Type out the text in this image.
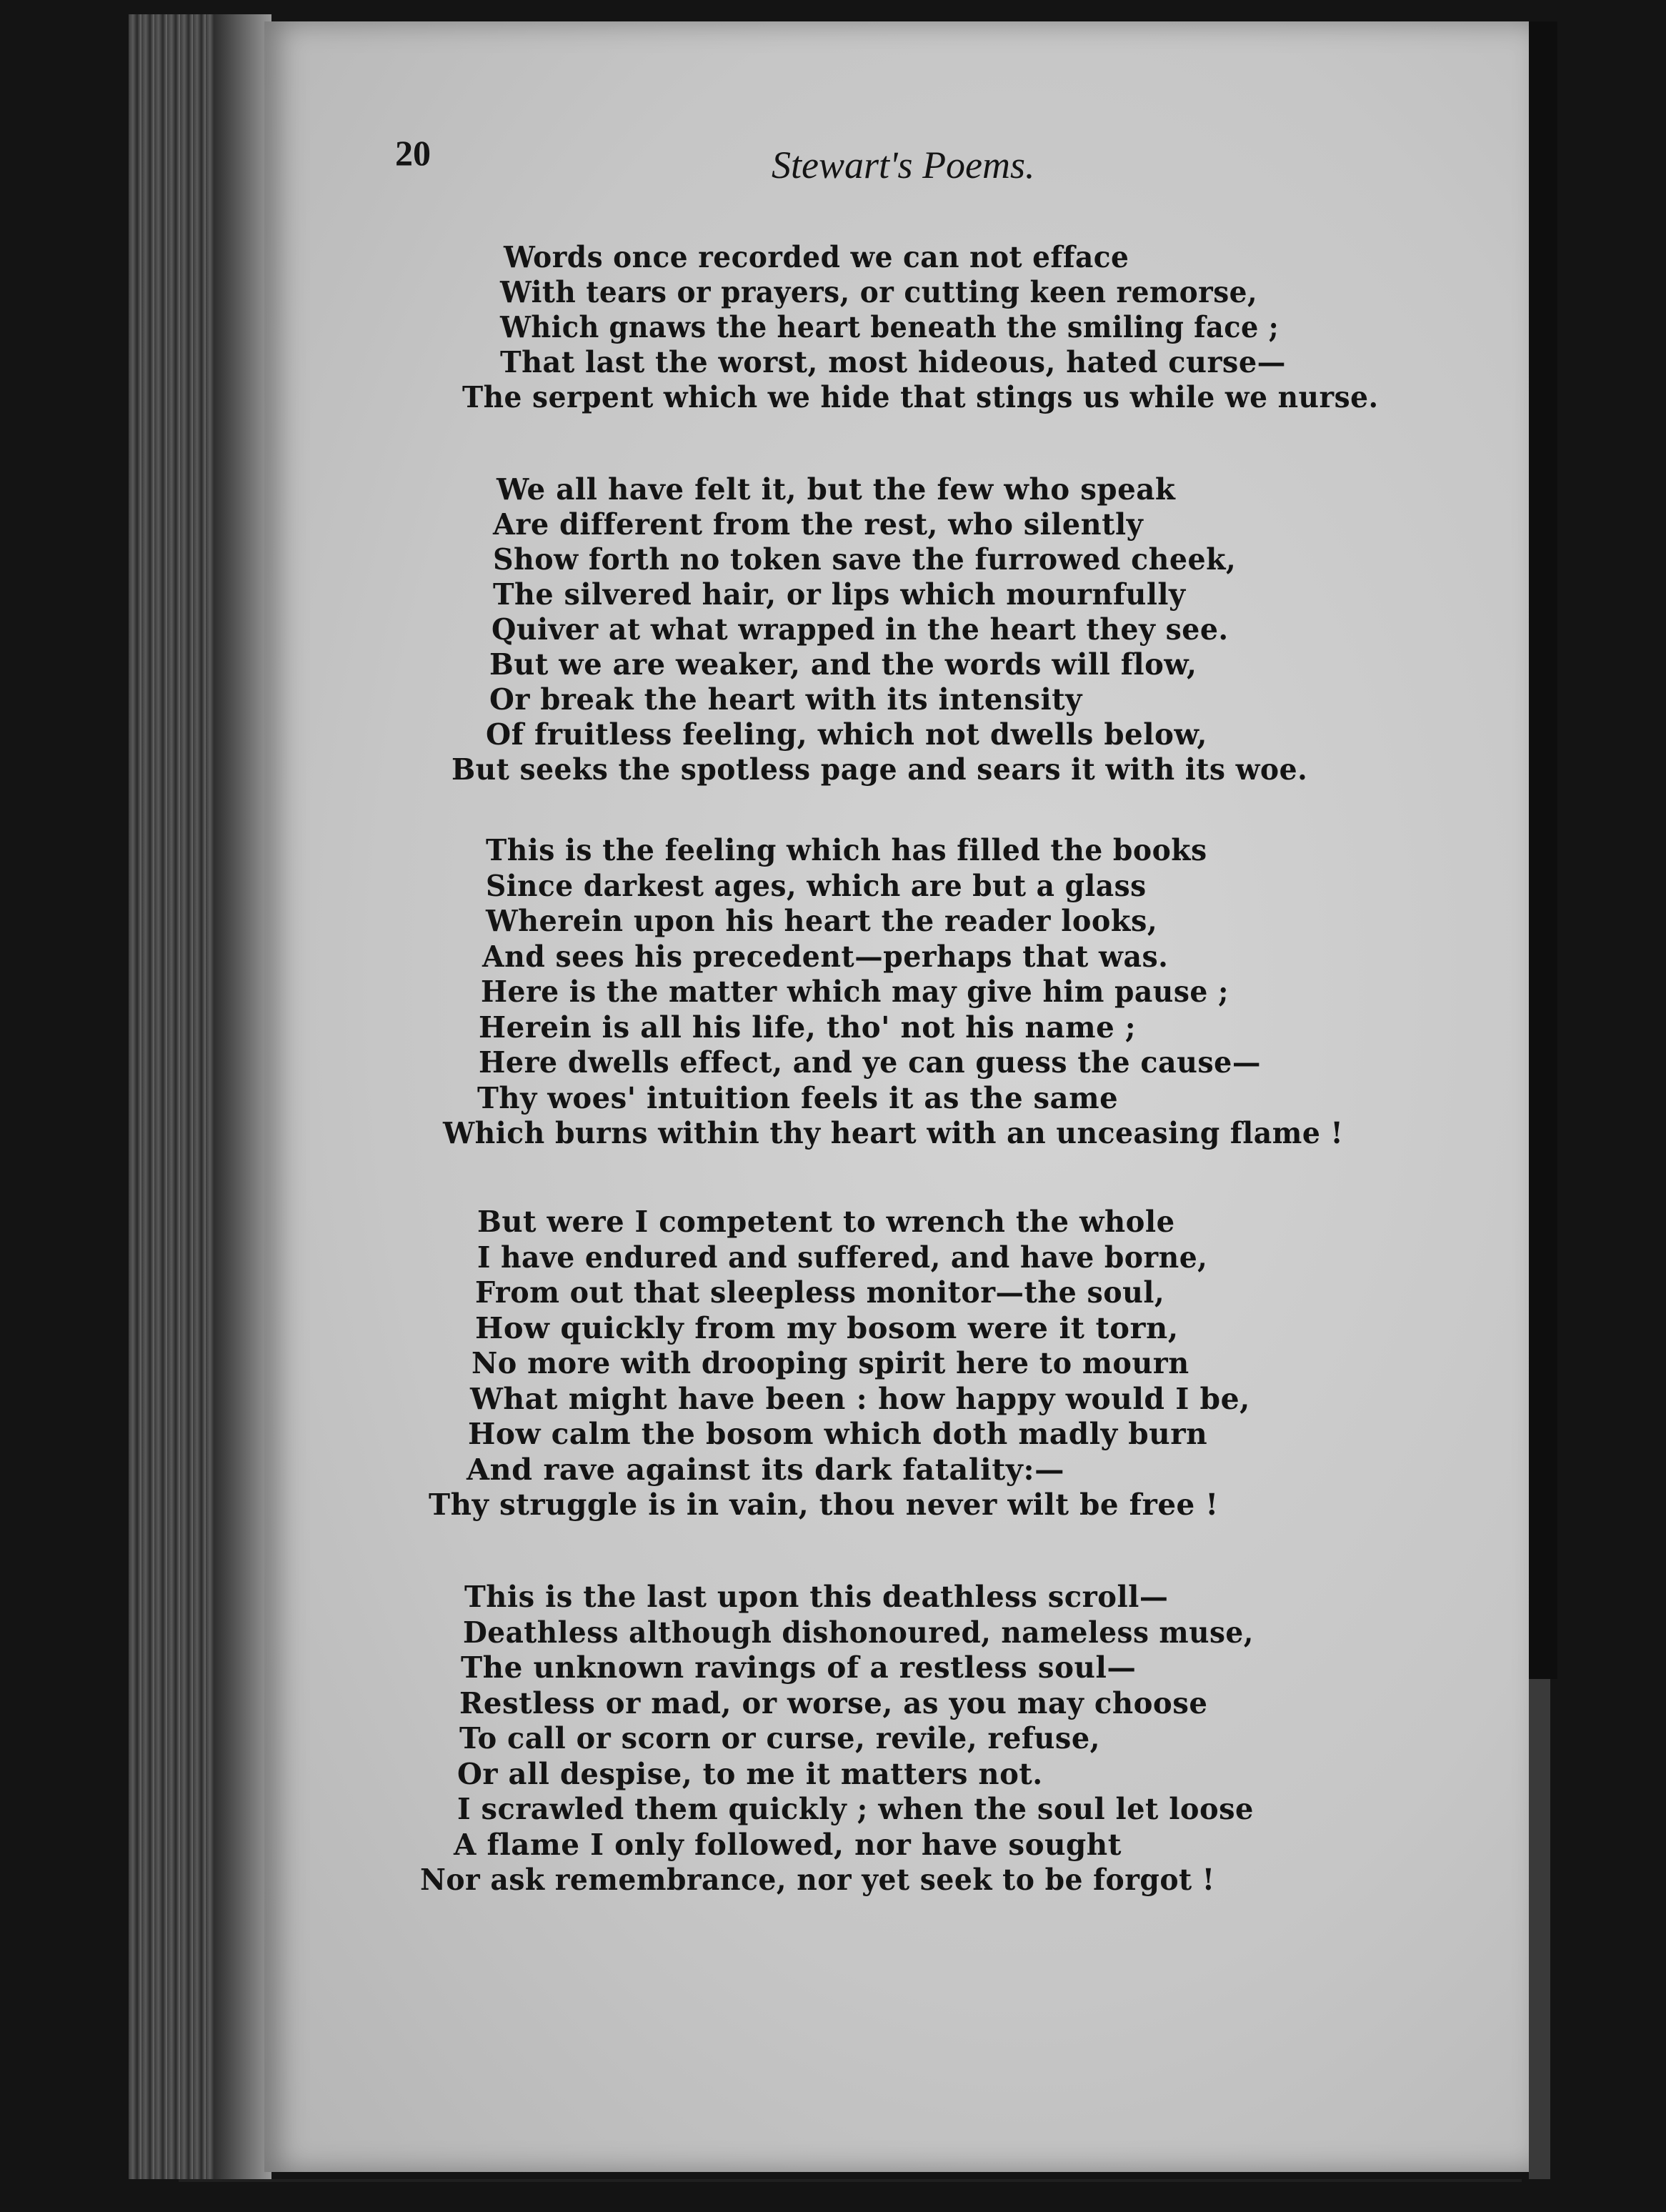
20	Stewart's Poems.

Words once recorded we can not efface
With tears or prayers, or cutting keen remorse,
Which gnaws the heart beneath the smiling face ;
That last the worst, most hideous, hated curse—
The serpent which we hide that stings us while we nurse.
We all have felt it, but the few who speak
Are different from the rest, who silently
Show forth no token save the furrowed cheek,
The silvered hair, or lips which mournfully
Quiver at what wrapped in the heart they see.
But we are weaker, and the words will flow,
Or break the heart with its intensity
Of fruitless feeling, which not dwells below,
But seeks the spotless page and sears it with its woe.
This is the feeling which has filled the books
Since darkest ages, which are but a glass
Wherein upon his heart the reader looks,
And sees his precedent—perhaps that was.
Here is the matter which may give him pause ;
Herein is all his life, tho' not his name ;
Here dwells effect, and ye can guess the cause—
Thy woes' intuition feels it as the same
Which burns within thy heart with an unceasing flame !
But were I competent to wrench the whole
I have endured and suffered, and have borne,
From out that sleepless monitor—the soul,
How quickly from my bosom were it torn,
No more with drooping spirit here to mourn
What might have been : how happy would I be,
How calm the bosom which doth madly burn
And rave against its dark fatality:—
Thy struggle is in vain, thou never wilt be free !
This is the last upon this deathless scroll—
Deathless although dishonoured, nameless muse,
The unknown ravings of a restless soul—
Restless or mad, or worse, as you may choose
To call or scorn or curse, revile, refuse,
Or all despise, to me it matters not.
I scrawled them quickly ; when the soul let loose
A flame I only followed, nor have sought
Nor ask remembrance, nor yet seek to be forgot !
